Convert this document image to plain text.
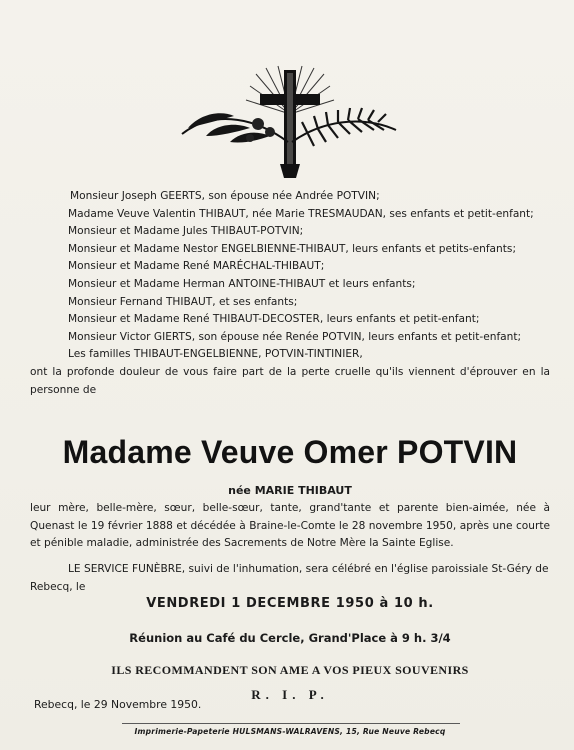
Monsieur Joseph GEERTS, son épouse née Andrée POTVIN;

Madame Veuve Valentin THIBAUT, née Marie TRESMAUDAN, ses enfants et petit-enfant;

Monsieur et Madame Jules THIBAUT-POTVIN;

Monsieur et Madame Nestor ENGELBIENNE-THIBAUT, leurs enfants et petits-enfants;

Monsieur et Madame René MARÉCHAL-THIBAUT;

Monsieur et Madame Herman ANTOINE-THIBAUT et leurs enfants;

Monsieur Fernand THIBAUT, et ses enfants;

Monsieur et Madame René THIBAUT-DECOSTER, leurs enfants et petit-enfant;

Monsieur Victor GIERTS, son épouse née Renée POTVIN, leurs enfants et petit-enfant;

Les familles THIBAUT-ENGELBIENNE, POTVIN-TINTINIER,

ont la profonde douleur de vous faire part de la perte cruelle qu'ils viennent d'éprouver en la personne de

Madame Veuve Omer POTVIN
née MARIE THIBAUT

leur mère, belle-mère, sœur, belle-sœur, tante, grand'tante et parente bien-aimée, née à Quenast le 19 février 1888 et décédée à Braine-le-Comte le 28 novembre 1950, après une courte et pénible maladie, administrée des Sacrements de Notre Mère la Sainte Eglise.

LE SERVICE FUNÈBRE, suivi de l'inhumation, sera célébré en l'église paroissiale St-Géry de Rebecq, le

VENDREDI 1 DECEMBRE 1950 à 10 h.
Réunion au Café du Cercle, Grand'Place à 9 h. 3/4
ILS RECOMMANDENT SON AME A VOS PIEUX SOUVENIRS
R. I. P.
Rebecq, le 29 Novembre 1950.
Imprimerie-Papeterie HULSMANS-WALRAVENS, 15, Rue Neuve Rebecq
